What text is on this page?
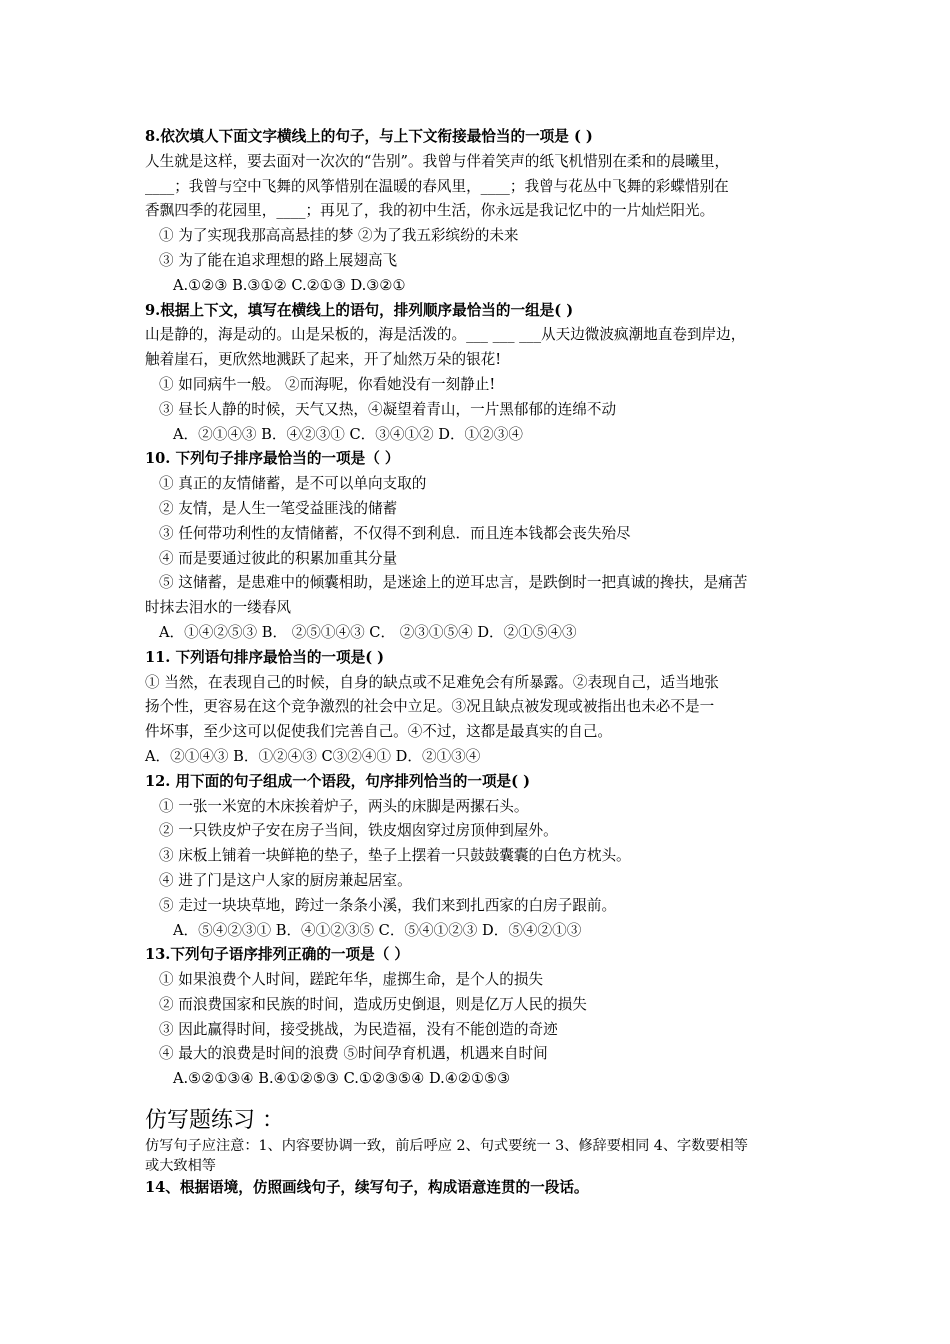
8.依次填人下面文字横线上的句子，与上下文衔接最恰当的一项是 ( )
人生就是这样，要去面对一次次的“告别”。我曾与伴着笑声的纸飞机惜别在柔和的晨曦里，
____；我曾与空中飞舞的风筝惜别在温暖的春风里，____；我曾与花丛中飞舞的彩蝶惜别在
香飘四季的花园里，____；再见了，我的初中生活，你永远是我记忆中的一片灿烂阳光。
① 为了实现我那高高悬挂的梦 ②为了我五彩缤纷的未来
③ 为了能在追求理想的路上展翅高飞
A.①②③ B.③①② C.②①③ D.③②①
9.根据上下文，填写在横线上的语句，排列顺序最恰当的一组是( )
山是静的，海是动的。山是呆板的，海是活泼的。___ ___ ___从天边微波疯潮地直卷到岸边，
触着崖石，更欣然地溅跃了起来，开了灿然万朵的银花!
① 如同病牛一般。 ②而海呢，你看她没有一刻静止!
③ 昼长人静的时候，天气又热，④凝望着青山，一片黑郁郁的连绵不动
A．②①④③ B．④②③① C．③④①② D．①②③④
10. 下列句子排序最恰当的一项是（ ）
① 真正的友情储蓄，是不可以单向支取的
② 友情，是人生一笔受益匪浅的储蓄
③ 任何带功利性的友情储蓄，不仅得不到利息．而且连本钱都会丧失殆尽
④ 而是要通过彼此的积累加重其分量
⑤ 这储蓄，是患难中的倾囊相助，是迷途上的逆耳忠言，是跌倒时一把真诚的搀扶，是痛苦
时抹去泪水的一缕春风
A．①④②⑤③ B． ②⑤①④③ C． ②③①⑤④ D．②①⑤④③
11. 下列语句排序最恰当的一项是( )
① 当然，在表现自己的时候，自身的缺点或不足难免会有所暴露。②表现自己，适当地张
扬个性，更容易在这个竞争激烈的社会中立足。③况且缺点被发现或被指出也未必不是一
件坏事，至少这可以促使我们完善自己。④不过，这都是最真实的自己。
A．②①④③ B．①②④③ C③②④① D．②①③④
12. 用下面的句子组成一个语段，句序排列恰当的一项是( )
① 一张一米宽的木床挨着炉子，两头的床脚是两摞石头。
② 一只铁皮炉子安在房子当间，铁皮烟囱穿过房顶伸到屋外。
③ 床板上铺着一块鲜艳的垫子，垫子上摆着一只鼓鼓囊囊的白色方枕头。
④ 进了门是这户人家的厨房兼起居室。
⑤ 走过一块块草地，跨过一条条小溪，我们来到扎西家的白房子跟前。
A．⑤④②③① B．④①②③⑤ C．⑤④①②③ D．⑤④②①③
13.下列句子语序排列正确的一项是（ ）
① 如果浪费个人时间，蹉跎年华，虚掷生命，是个人的损失
② 而浪费国家和民族的时间，造成历史倒退，则是亿万人民的损失
③ 因此赢得时间，接受挑战，为民造福，没有不能创造的奇迹
④ 最大的浪费是时间的浪费 ⑤时间孕育机遇，机遇来自时间
A.⑤②①③④ B.④①②⑤③ C.①②③⑤④ D.④②①⑤③
仿写题练习 ：
仿写句子应注意：1、内容要协调一致，前后呼应 2、句式要统一 3、修辞要相同 4、字数要相等
或大致相等
14、根据语境，仿照画线句子，续写句子，构成语意连贯的一段话。
